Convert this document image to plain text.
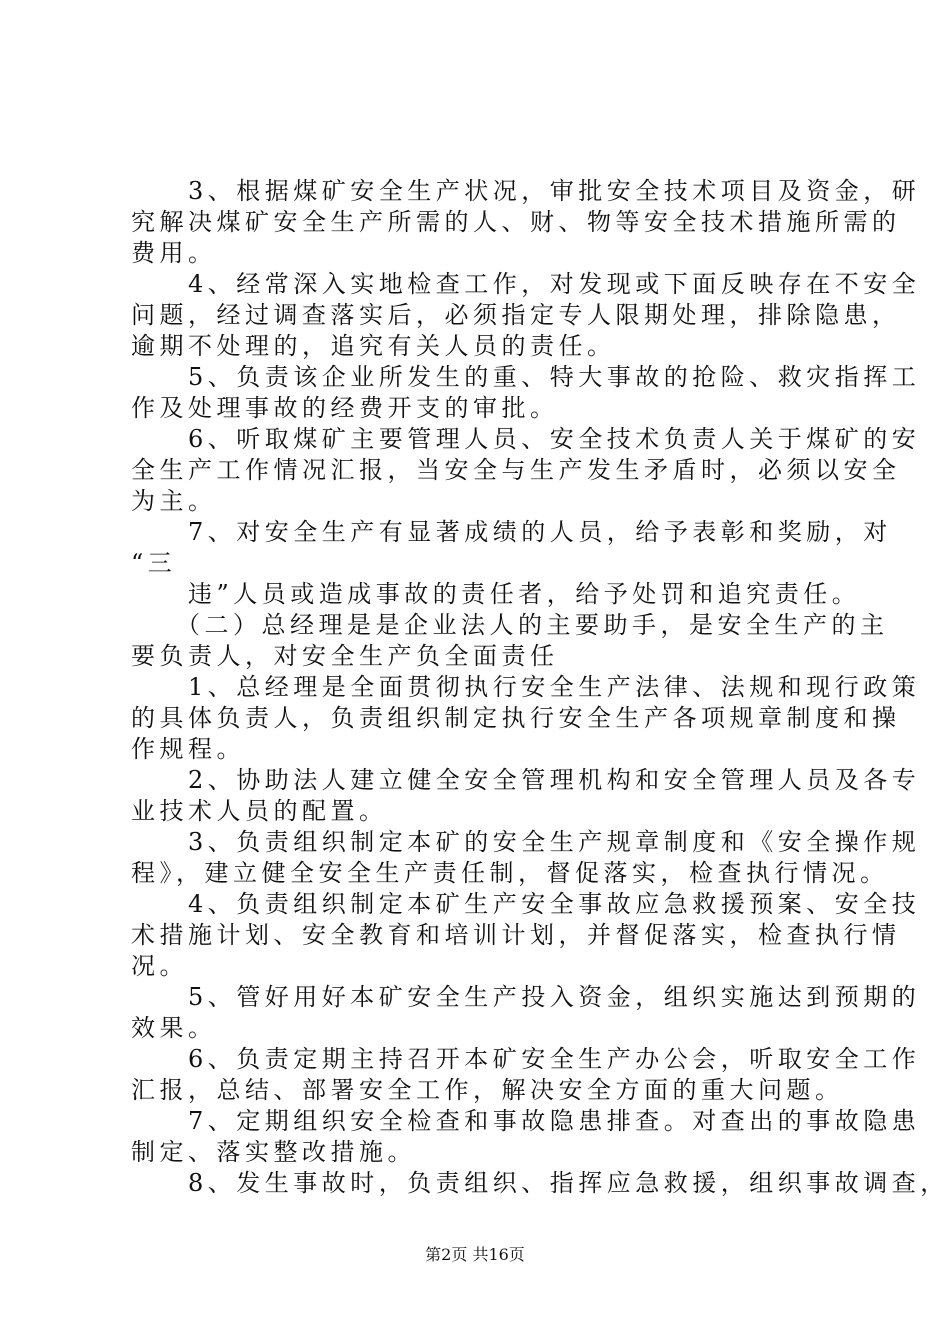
　　3、根据煤矿安全生产状况，审批安全技术项目及资金，研
究解决煤矿安全生产所需的人、财、物等安全技术措施所需的
费用。
　　4、经常深入实地检查工作，对发现或下面反映存在不安全
问题，经过调查落实后，必须指定专人限期处理，排除隐患，
逾期不处理的，追究有关人员的责任。
　　5、负责该企业所发生的重、特大事故的抢险、救灾指挥工
作及处理事故的经费开支的审批。
　　6、听取煤矿主要管理人员、安全技术负责人关于煤矿的安
全生产工作情况汇报，当安全与生产发生矛盾时，必须以安全
为主。
　　7、对安全生产有显著成绩的人员，给予表彰和奖励，对
“三
　　违”人员或造成事故的责任者，给予处罚和追究责任。
　　（二）总经理是是企业法人的主要助手，是安全生产的主
要负责人，对安全生产负全面责任
　　1、总经理是全面贯彻执行安全生产法律、法规和现行政策
的具体负责人，负责组织制定执行安全生产各项规章制度和操
作规程。
　　2、协助法人建立健全安全管理机构和安全管理人员及各专
业技术人员的配置。
　　3、负责组织制定本矿的安全生产规章制度和《安全操作规
程》，建立健全安全生产责任制，督促落实，检查执行情况。
　　4、负责组织制定本矿生产安全事故应急救援预案、安全技
术措施计划、安全教育和培训计划，并督促落实，检查执行情
况。
　　5、管好用好本矿安全生产投入资金，组织实施达到预期的
效果。
　　6、负责定期主持召开本矿安全生产办公会，听取安全工作
汇报，总结、部署安全工作，解决安全方面的重大问题。
　　7、定期组织安全检查和事故隐患排查。对查出的事故隐患
制定、落实整改措施。
　　8、发生事故时，负责组织、指挥应急救援，组织事故调查，
第2页 共16页
